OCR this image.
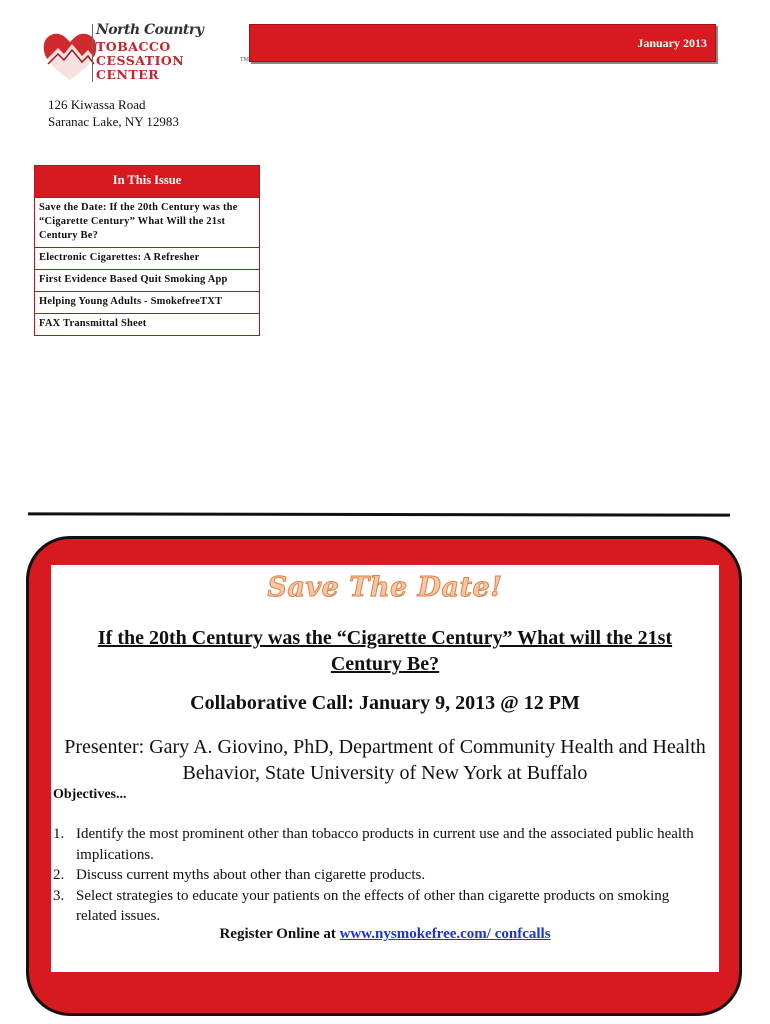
North Country
TOBACCO
CESSATION
CENTER
TM
January 2013
126 Kiwassa Road
Saranac Lake, NY 12983
In This Issue
Save the Date: If the 20th Century was the “Cigarette Century” What Will the 21st Century Be?
Electronic Cigarettes: A Refresher
First Evidence Based Quit Smoking App
Helping Young Adults - SmokefreeTXT
FAX Transmittal Sheet
Save The Date!
If the 20th Century was the “Cigarette Century” What will the 21st Century Be?
Collaborative Call: January 9, 2013 @ 12 PM
Presenter: Gary A. Giovino, PhD, Department of Community Health and Health Behavior, State University of New York at Buffalo
Objectives...
1. Identify the most prominent other than tobacco products in current use and the associated public health implications.
2. Discuss current myths about other than cigarette products.
3. Select strategies to educate your patients on the effects of other than cigarette products on smoking related issues.
Register Online at www.nysmokefree.com/ confcalls
